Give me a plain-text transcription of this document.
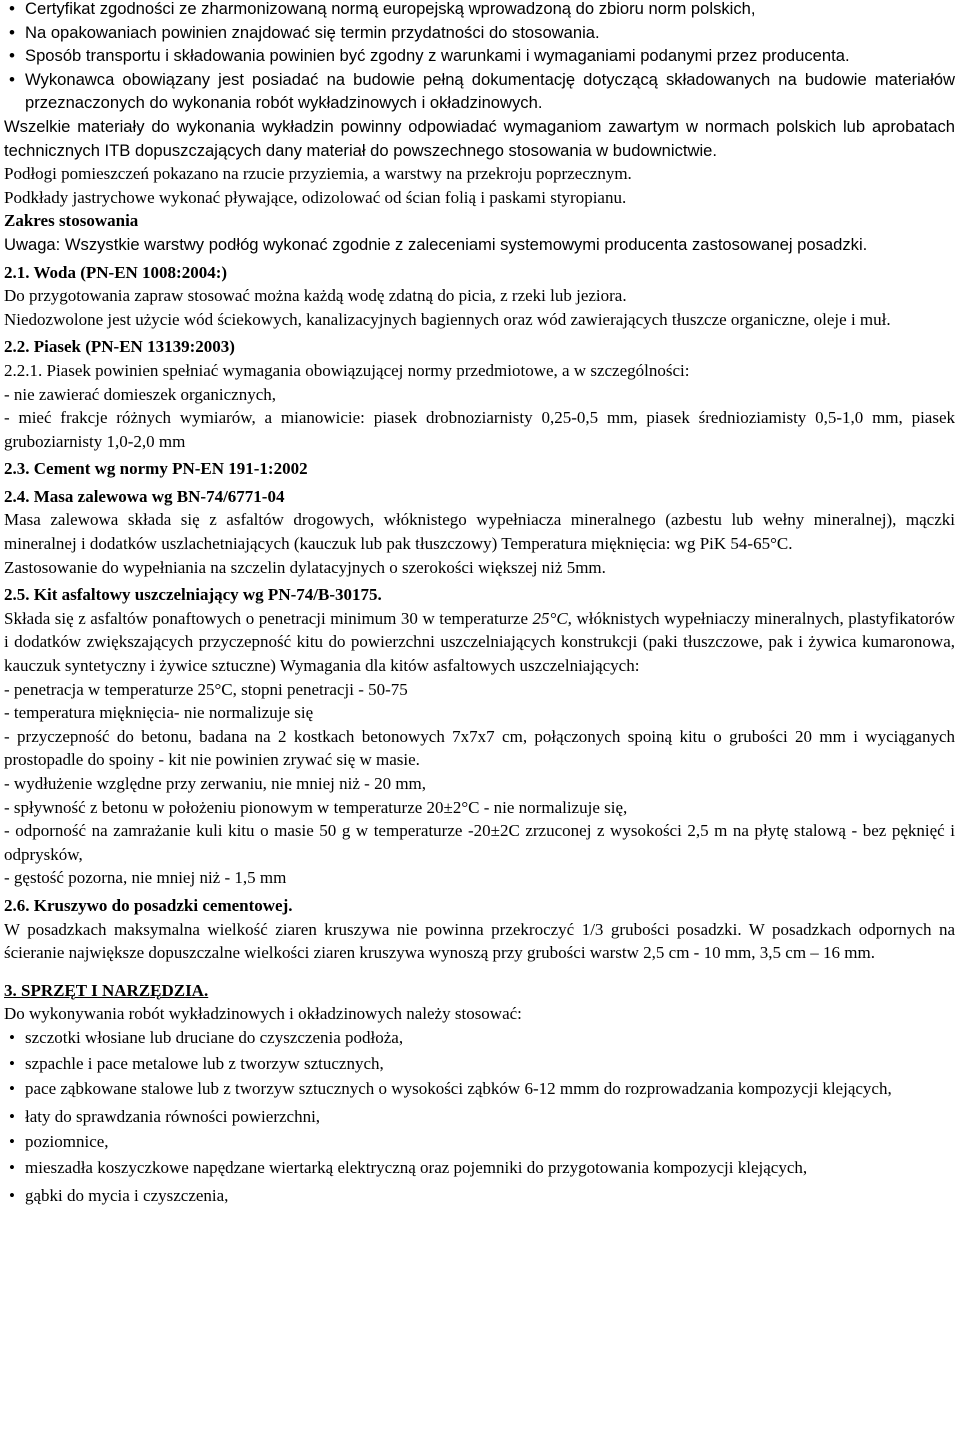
• Certyfikat zgodności ze zharmonizowaną normą europejską wprowadzoną do zbioru norm polskich,
• Na opakowaniach powinien znajdować się termin przydatności do stosowania.
• Sposób transportu i składowania powinien być zgodny z warunkami i wymaganiami podanymi przez producenta.
• Wykonawca obowiązany jest posiadać na budowie pełną dokumentację dotyczącą składowanych na budowie materiałów przeznaczonych do wykonania robót wykładzinowych i okładzinowych.

Wszelkie materiały do wykonania wykładzin powinny odpowiadać wymaganiom zawartym w normach polskich lub aprobatach technicznych ITB dopuszczających dany materiał do powszechnego stosowania w budownictwie.

Podłogi pomieszczeń pokazano na rzucie przyziemia, a warstwy na przekroju poprzecznym.

Podkłady jastrychowe wykonać pływające, odizolować od ścian folią i paskami styropianu.

Zakres stosowania

Uwaga: Wszystkie warstwy podłóg wykonać zgodnie z zaleceniami systemowymi producenta zastosowanej posadzki.

2.1. Woda (PN-EN 1008:2004:)

Do przygotowania zapraw stosować można każdą wodę zdatną do picia, z rzeki lub jeziora.

Niedozwolone jest użycie wód ściekowych, kanalizacyjnych bagiennych oraz wód zawierających tłuszcze organiczne, oleje i muł.

2.2. Piasek (PN-EN 13139:2003)

2.2.1. Piasek powinien spełniać wymagania obowiązującej normy przedmiotowe, a w szczególności:

- nie zawierać domieszek organicznych,

- mieć frakcje różnych wymiarów, a mianowicie: piasek drobnoziarnisty 0,25-0,5 mm, piasek średnioziamisty 0,5-1,0 mm, piasek gruboziarnisty 1,0-2,0 mm

2.3. Cement wg normy PN-EN 191-1:2002

2.4. Masa zalewowa wg BN-74/6771-04

Masa zalewowa składa się z asfaltów drogowych, włóknistego wypełniacza mineralnego (azbestu lub wełny mineralnej), mączki mineralnej i dodatków uszlachetniających (kauczuk lub pak tłuszczowy) Temperatura mięknięcia: wg PiK 54-65°C.

Zastosowanie do wypełniania na szczelin dylatacyjnych o szerokości większej niż 5mm.

2.5. Kit asfaltowy uszczelniający wg PN-74/B-30175.

Składa się z asfaltów ponaftowych o penetracji minimum 30 w temperaturze 25°C, włóknistych wypełniaczy mineralnych, plastyfikatorów i dodatków zwiększających przyczepność kitu do powierzchni uszczelniających konstrukcji (paki tłuszczowe, pak i żywica kumaronowa, kauczuk syntetyczny i żywice sztuczne) Wymagania dla kitów asfaltowych uszczelniających:

- penetracja w temperaturze 25°C, stopni penetracji - 50-75

- temperatura mięknięcia- nie normalizuje się

- przyczepność do betonu, badana na 2 kostkach betonowych 7x7x7 cm, połączonych spoiną kitu o grubości 20 mm i wyciąganych prostopadle do spoiny - kit nie powinien zrywać się w masie.

- wydłużenie względne przy zerwaniu, nie mniej niż - 20 mm,

- spływność z betonu w położeniu pionowym w temperaturze 20±2°C - nie normalizuje się,

- odporność na zamrażanie kuli kitu o masie 50 g w temperaturze -20±2C zrzuconej z wysokości 2,5 m na płytę stalową - bez pęknięć i odprysków,

- gęstość pozorna, nie mniej niż - 1,5 mm

2.6. Kruszywo do posadzki cementowej.

W posadzkach maksymalna wielkość ziaren kruszywa nie powinna przekroczyć 1/3 grubości posadzki. W posadzkach odpornych na ścieranie największe dopuszczalne wielkości ziaren kruszywa wynoszą przy grubości warstw 2,5 cm - 10 mm, 3,5 cm – 16 mm.

3. SPRZĘT I NARZĘDZIA.

Do wykonywania robót wykładzinowych i okładzinowych należy stosować:

• szczotki włosiane lub druciane do czyszczenia podłoża,
• szpachle i pace metalowe lub z tworzyw sztucznych,
• pace ząbkowane stalowe lub z tworzyw sztucznych o wysokości ząbków 6-12 mmm do rozprowadzania kompozycji klejących,
• łaty do sprawdzania równości powierzchni,
• poziomnice,
• mieszadła koszyczkowe napędzane wiertarką elektryczną oraz pojemniki do przygotowania kompozycji klejących,
• gąbki do mycia i czyszczenia,
